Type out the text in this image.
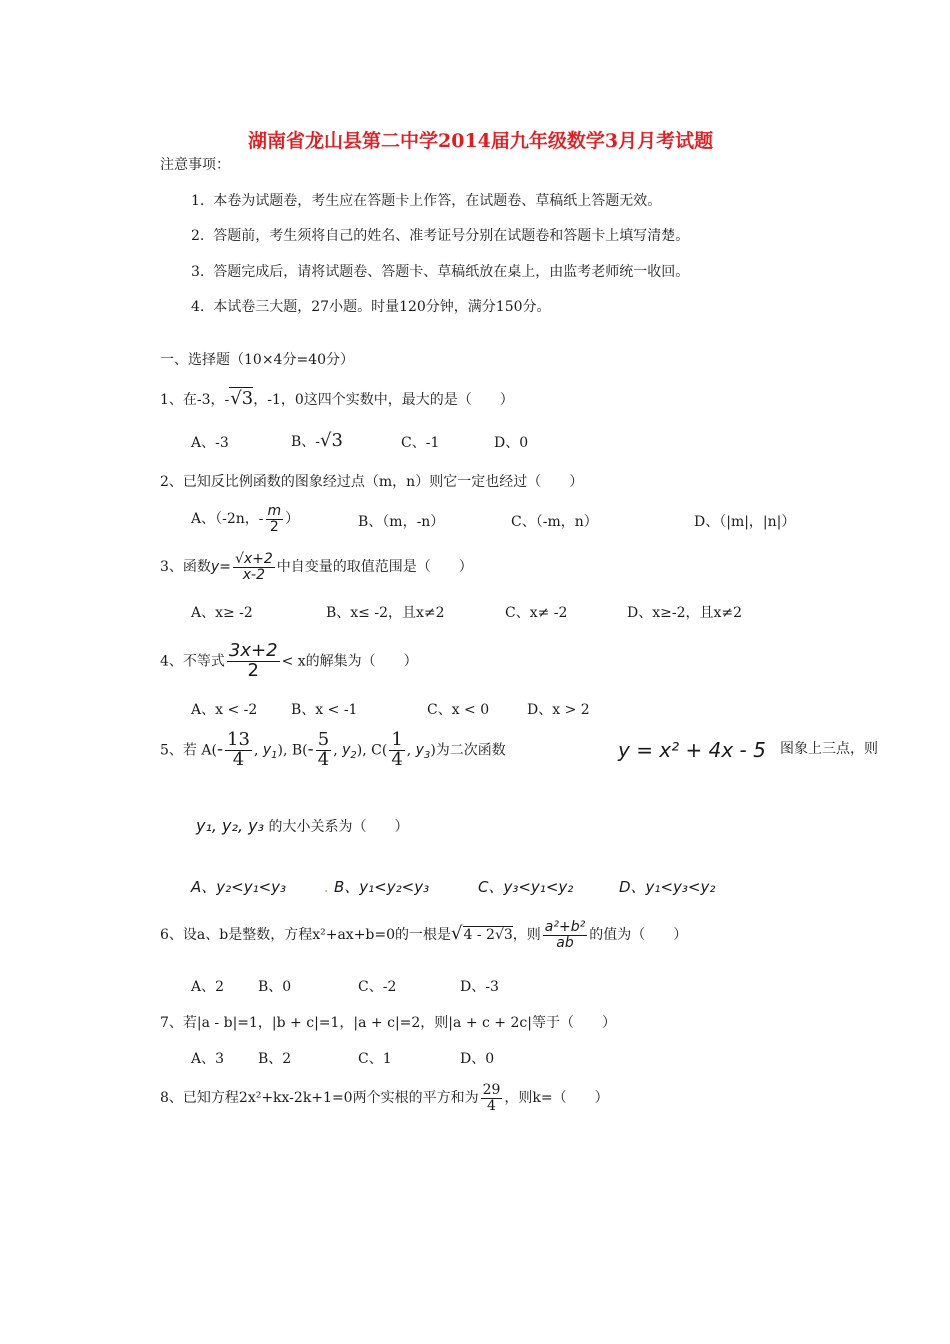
湖南省龙山县第二中学2014届九年级数学3月月考试题
注意事项：
1. 本卷为试题卷，考生应在答题卡上作答，在试题卷、草稿纸上答题无效。
2. 答题前，考生须将自己的姓名、准考证号分别在试题卷和答题卡上填写清楚。
3. 答题完成后，请将试题卷、答题卡、草稿纸放在桌上，由监考老师统一收回。
4. 本试卷三大题，27小题。时量120分钟，满分150分。
一、选择题（10×4分=40分）
1、在-3，-√3，-1，0这四个实数中，最大的是（　　）
A、-3	B、-√3	C、-1	D、0
2、已知反比例函数的图象经过点（m，n）则它一定也经过（　　）
A、（-2n，- $\frac{m}{2}$ ）	B、（m，-n）	C、（-m，n）	D、（|m|，|n|）
3、函数$y= \frac{√x+2}{x-2}$ 中自变量的取值范围是（　　）
A、x≥ -2	B、x≤ -2，且x≠2	C、x≠ -2	D、x≥-2，且x≠2
4、不等式 $\frac{3x+2}{2} < x$的解集为（　　）
A、x < -2 B、x < -1	C、x < 0	D、x > 2
5、若 $A(- \frac{13}{4}$ , $y_1$), $B(- \frac{5}{4}$ , $y_2$), $C( \frac{1}{4}$ , $y_3$)为二次函数	y = x² + 4x - 5 图象上三点，则
y₁, y₂, y₃ 的大小关系为（　　）
A、y₂<y₁<y₃	. B、y₁<y₂<y₃	C、y₃<y₁<y₂	D、y₁<y₃<y₂
6、设a、b是整数，方程x²+ax+b=0的一根是√4 - 2√3，则 $\frac{\text{a²+b²}}{ab}$ 的值为（　　）
A、2 B、0	C、-2	D、-3
7、若|a - b|=1，|b + c|=1，|a + c|=2，则|a + c + 2c|等于（　　）
A、3 B、2	C、1	D、0
8、已知方程2x²+kx-2k+1=0两个实根的平方和为 $\frac{29}{4}$ ，则k=（　　）
